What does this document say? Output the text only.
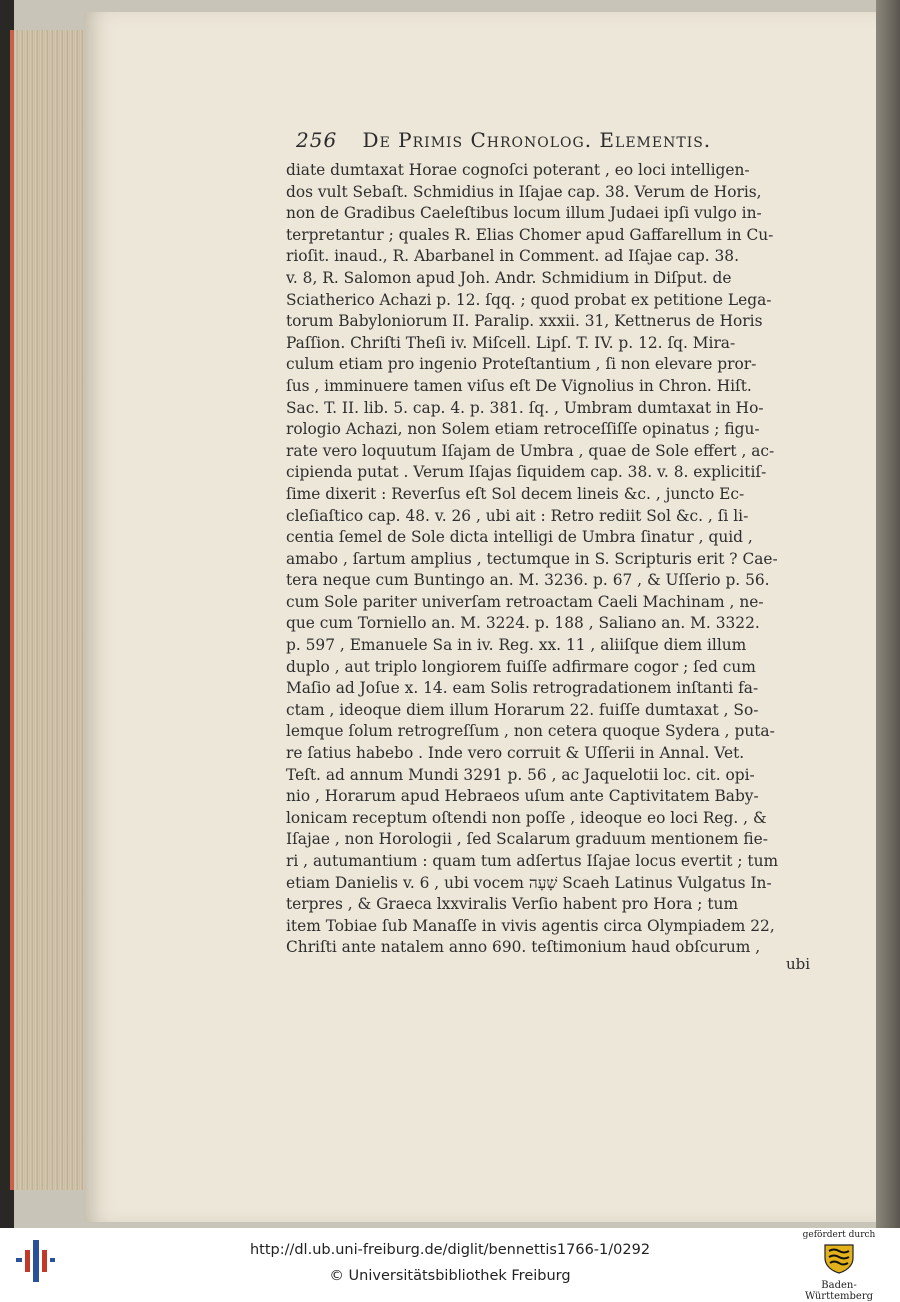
256 De Primis Chronolog. Elementis.
diate dumtaxat Horae cognoſci poterant , eo loci intelligen-
dos vult Sebaſt. Schmidius in Iſajae cap. 38. Verum de Horis,
non de Gradibus Caeleſtibus locum illum Judaei ipſi vulgo in-
terpretantur ; quales R. Elias Chomer apud Gaffarellum in Cu-
rioſit. inaud., R. Abarbanel in Comment. ad Iſajae cap. 38.
v. 8, R. Salomon apud Joh. Andr. Schmidium in Diſput. de
Sciatherico Achazi p. 12. ſqq. ; quod probat ex petitione Lega-
torum Babyloniorum II. Paralip. xxxii. 31, Kettnerus de Horis
Paſſion. Chriſti Theſi iv. Miſcell. Lipſ. T. IV. p. 12. ſq. Mira-
culum etiam pro ingenio Proteſtantium , ſi non elevare pror-
ſus , imminuere tamen viſus eſt De Vignolius in Chron. Hiſt.
Sac. T. II. lib. 5. cap. 4. p. 381. ſq. , Umbram dumtaxat in Ho-
rologio Achazi, non Solem etiam retroceſſiſſe opinatus ; figu-
rate vero loquutum Iſajam de Umbra , quae de Sole effert , ac-
cipienda putat . Verum Iſajas ſiquidem cap. 38. v. 8. explicitiſ-
ſime dixerit : Reverſus eſt Sol decem lineis &c. , juncto Ec-
cleſiaſtico cap. 48. v. 26 , ubi ait : Retro rediit Sol &c. , ſi li-
centia ſemel de Sole dicta intelligi de Umbra ſinatur , quid ,
amabo , ſartum amplius , tectumque in S. Scripturis erit ? Cae-
tera neque cum Buntingo an. M. 3236. p. 67 , & Uſſerio p. 56.
cum Sole pariter univerſam retroactam Caeli Machinam , ne-
que cum Torniello an. M. 3224. p. 188 , Saliano an. M. 3322.
p. 597 , Emanuele Sa in iv. Reg. xx. 11 , aliiſque diem illum
duplo , aut triplo longiorem fuiſſe adfirmare cogor ; ſed cum
Maſio ad Joſue x. 14. eam Solis retrogradationem inſtanti fa-
ctam , ideoque diem illum Horarum 22. fuiſſe dumtaxat , So-
lemque ſolum retrogreſſum , non cetera quoque Sydera , puta-
re ſatius habebo . Inde vero corruit & Uſſerii in Annal. Vet.
Teſt. ad annum Mundi 3291 p. 56 , ac Jaquelotii loc. cit. opi-
nio , Horarum apud Hebraeos uſum ante Captivitatem Baby-
lonicam receptum oſtendi non poſſe , ideoque eo loci Reg. , &
Iſajae , non Horologii , ſed Scalarum graduum mentionem fie-
ri , autumantium : quam tum adſertus Iſajae locus evertit ; tum
etiam Danielis v. 6 , ubi vocem שָׁעָה Scaeh Latinus Vulgatus In-
terpres , & Graeca lxxviralis Verſio habent pro Hora ; tum
item Tobiae ſub Manaſſe in vivis agentis circa Olympiadem 22,
Chriſti ante natalem anno 690. teſtimonium haud obſcurum ,
ubi
http://dl.ub.uni-freiburg.de/diglit/bennettis1766-1/0292
© Universitätsbibliothek Freiburg
gefördert durch
Baden-Württemberg
